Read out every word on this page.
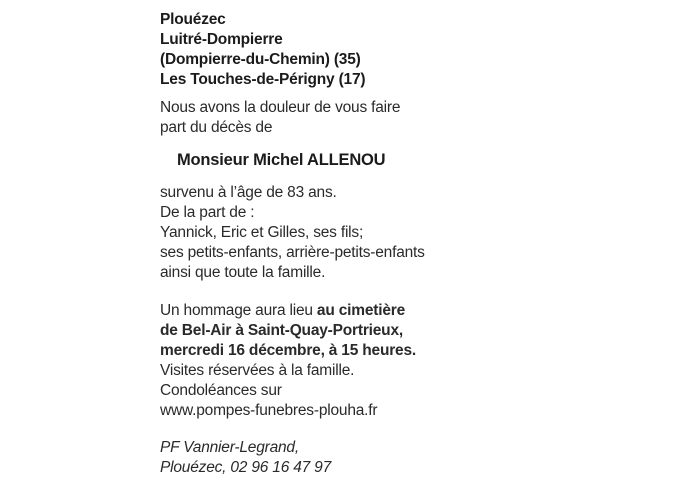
Plouézec
Luitré-Dompierre
(Dompierre-du-Chemin) (35)
Les Touches-de-Périgny (17)
Nous avons la douleur de vous faire
part du décès de
Monsieur Michel ALLENOU
survenu à l’âge de 83 ans.
De la part de :
Yannick, Eric et Gilles, ses fils;
ses petits-enfants, arrière-petits-enfants
ainsi que toute la famille.
Un hommage aura lieu au cimetière
de Bel-Air à Saint-Quay-Portrieux,
mercredi 16 décembre, à 15 heures.
Visites réservées à la famille.
Condoléances sur
www.pompes-funebres-plouha.fr
PF Vannier-Legrand,
Plouézec, 02 96 16 47 97
